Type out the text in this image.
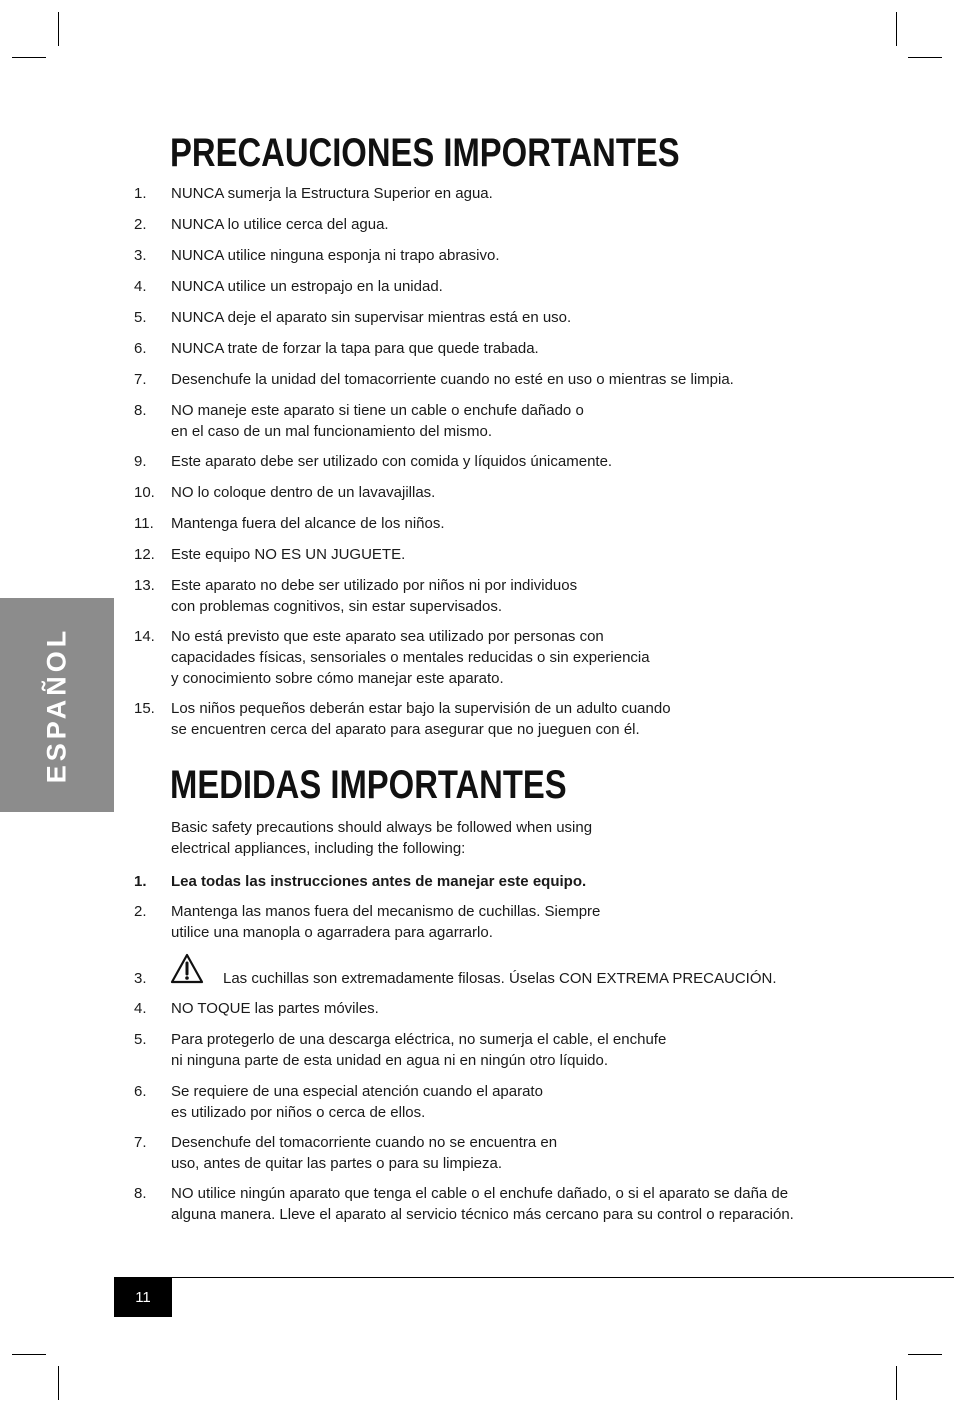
ESPAÑOL
PRECAUCIONES IMPORTANTES
1. NUNCA sumerja la Estructura Superior en agua.
2. NUNCA lo utilice cerca del agua.
3. NUNCA utilice ninguna esponja ni trapo abrasivo.
4. NUNCA utilice un estropajo en la unidad.
5. NUNCA deje el aparato sin supervisar mientras está en uso.
6. NUNCA trate de forzar la tapa para que quede trabada.
7. Desenchufe la unidad del tomacorriente cuando no esté en uso o mientras se limpia.
8. NO maneje este aparato si tiene un cable o enchufe dañado o
en el caso de un mal funcionamiento del mismo.
9. Este aparato debe ser utilizado con comida y líquidos únicamente.
10. NO lo coloque dentro de un lavavajillas.
11. Mantenga fuera del alcance de los niños.
12. Este equipo NO ES UN JUGUETE.
13. Este aparato no debe ser utilizado por niños ni por individuos
con problemas cognitivos, sin estar supervisados.
14. No está previsto que este aparato sea utilizado por personas con
capacidades físicas, sensoriales o mentales reducidas o sin experiencia
y conocimiento sobre cómo manejar este aparato.
15. Los niños pequeños deberán estar bajo la supervisión de un adulto cuando
se encuentren cerca del aparato para asegurar que no jueguen con él.
MEDIDAS IMPORTANTES
Basic safety precautions should always be followed when using
electrical appliances, including the following:
1. Lea todas las instrucciones antes de manejar este equipo.
2. Mantenga las manos fuera del mecanismo de cuchillas. Siempre
utilice una manopla o agarradera para agarrarlo.
3.
4. NO TOQUE las partes móviles.
5. Para protegerlo de una descarga eléctrica, no sumerja el cable, el enchufe
ni ninguna parte de esta unidad en agua ni en ningún otro líquido.
6. Se requiere de una especial atención cuando el aparato
es utilizado por niños o cerca de ellos.
7. Desenchufe del tomacorriente cuando no se encuentra en
uso, antes de quitar las partes o para su limpieza.
8. NO utilice ningún aparato que tenga el cable o el enchufe dañado, o si el aparato se daña de
alguna manera. Lleve el aparato al servicio técnico más cercano para su control o reparación.
11
Las cuchillas son extremadamente filosas. Úselas CON EXTREMA PRECAUCIÓN.
